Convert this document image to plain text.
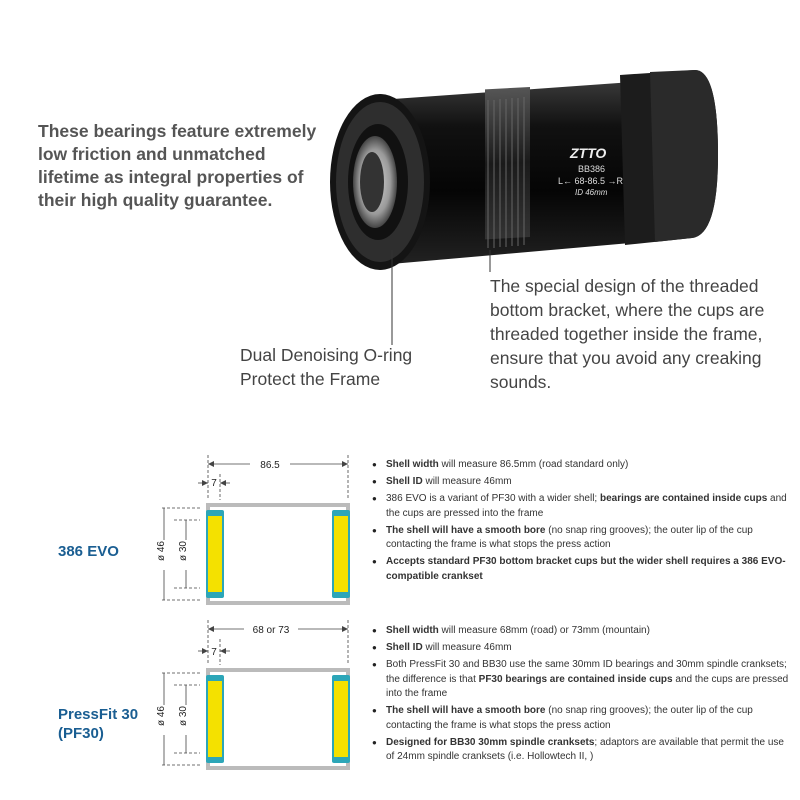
These bearings feature extremely low friction and unmatched lifetime as integral properties of their high quality guarantee.
ZTTO
BB386
L← 68-86.5 →R
ID 46mm
The special design of the threaded bottom bracket, where the cups are threaded together inside the frame, ensure that you avoid any creaking sounds.
Dual Denoising O-ring Protect the Frame
386 EVO
86.5
7
ø 46 ø 30
● Shell width will measure 86.5mm (road standard only)
● Shell ID will measure 46mm
● 386 EVO is a variant of PF30 with a wider shell; bearings are contained inside cups and the cups are pressed into the frame
● The shell will have a smooth bore (no snap ring grooves); the outer lip of the cup contacting the frame is what stops the press action
● Accepts standard PF30 bottom bracket cups but the wider shell requires a 386 EVO-compatible crankset
PressFit 30 (PF30)
68 or 73
7
ø 46 ø 30
● Shell width will measure 68mm (road) or 73mm (mountain)
● Shell ID will measure 46mm
● Both PressFit 30 and BB30 use the same 30mm ID bearings and 30mm spindle cranksets; the difference is that PF30 bearings are contained inside cups and the cups are pressed into the frame
● The shell will have a smooth bore (no snap ring grooves); the outer lip of the cup contacting the frame is what stops the press action
● Designed for BB30 30mm spindle cranksets; adaptors are available that permit the use of 24mm spindle cranksets (i.e. Hollowtech II, )
